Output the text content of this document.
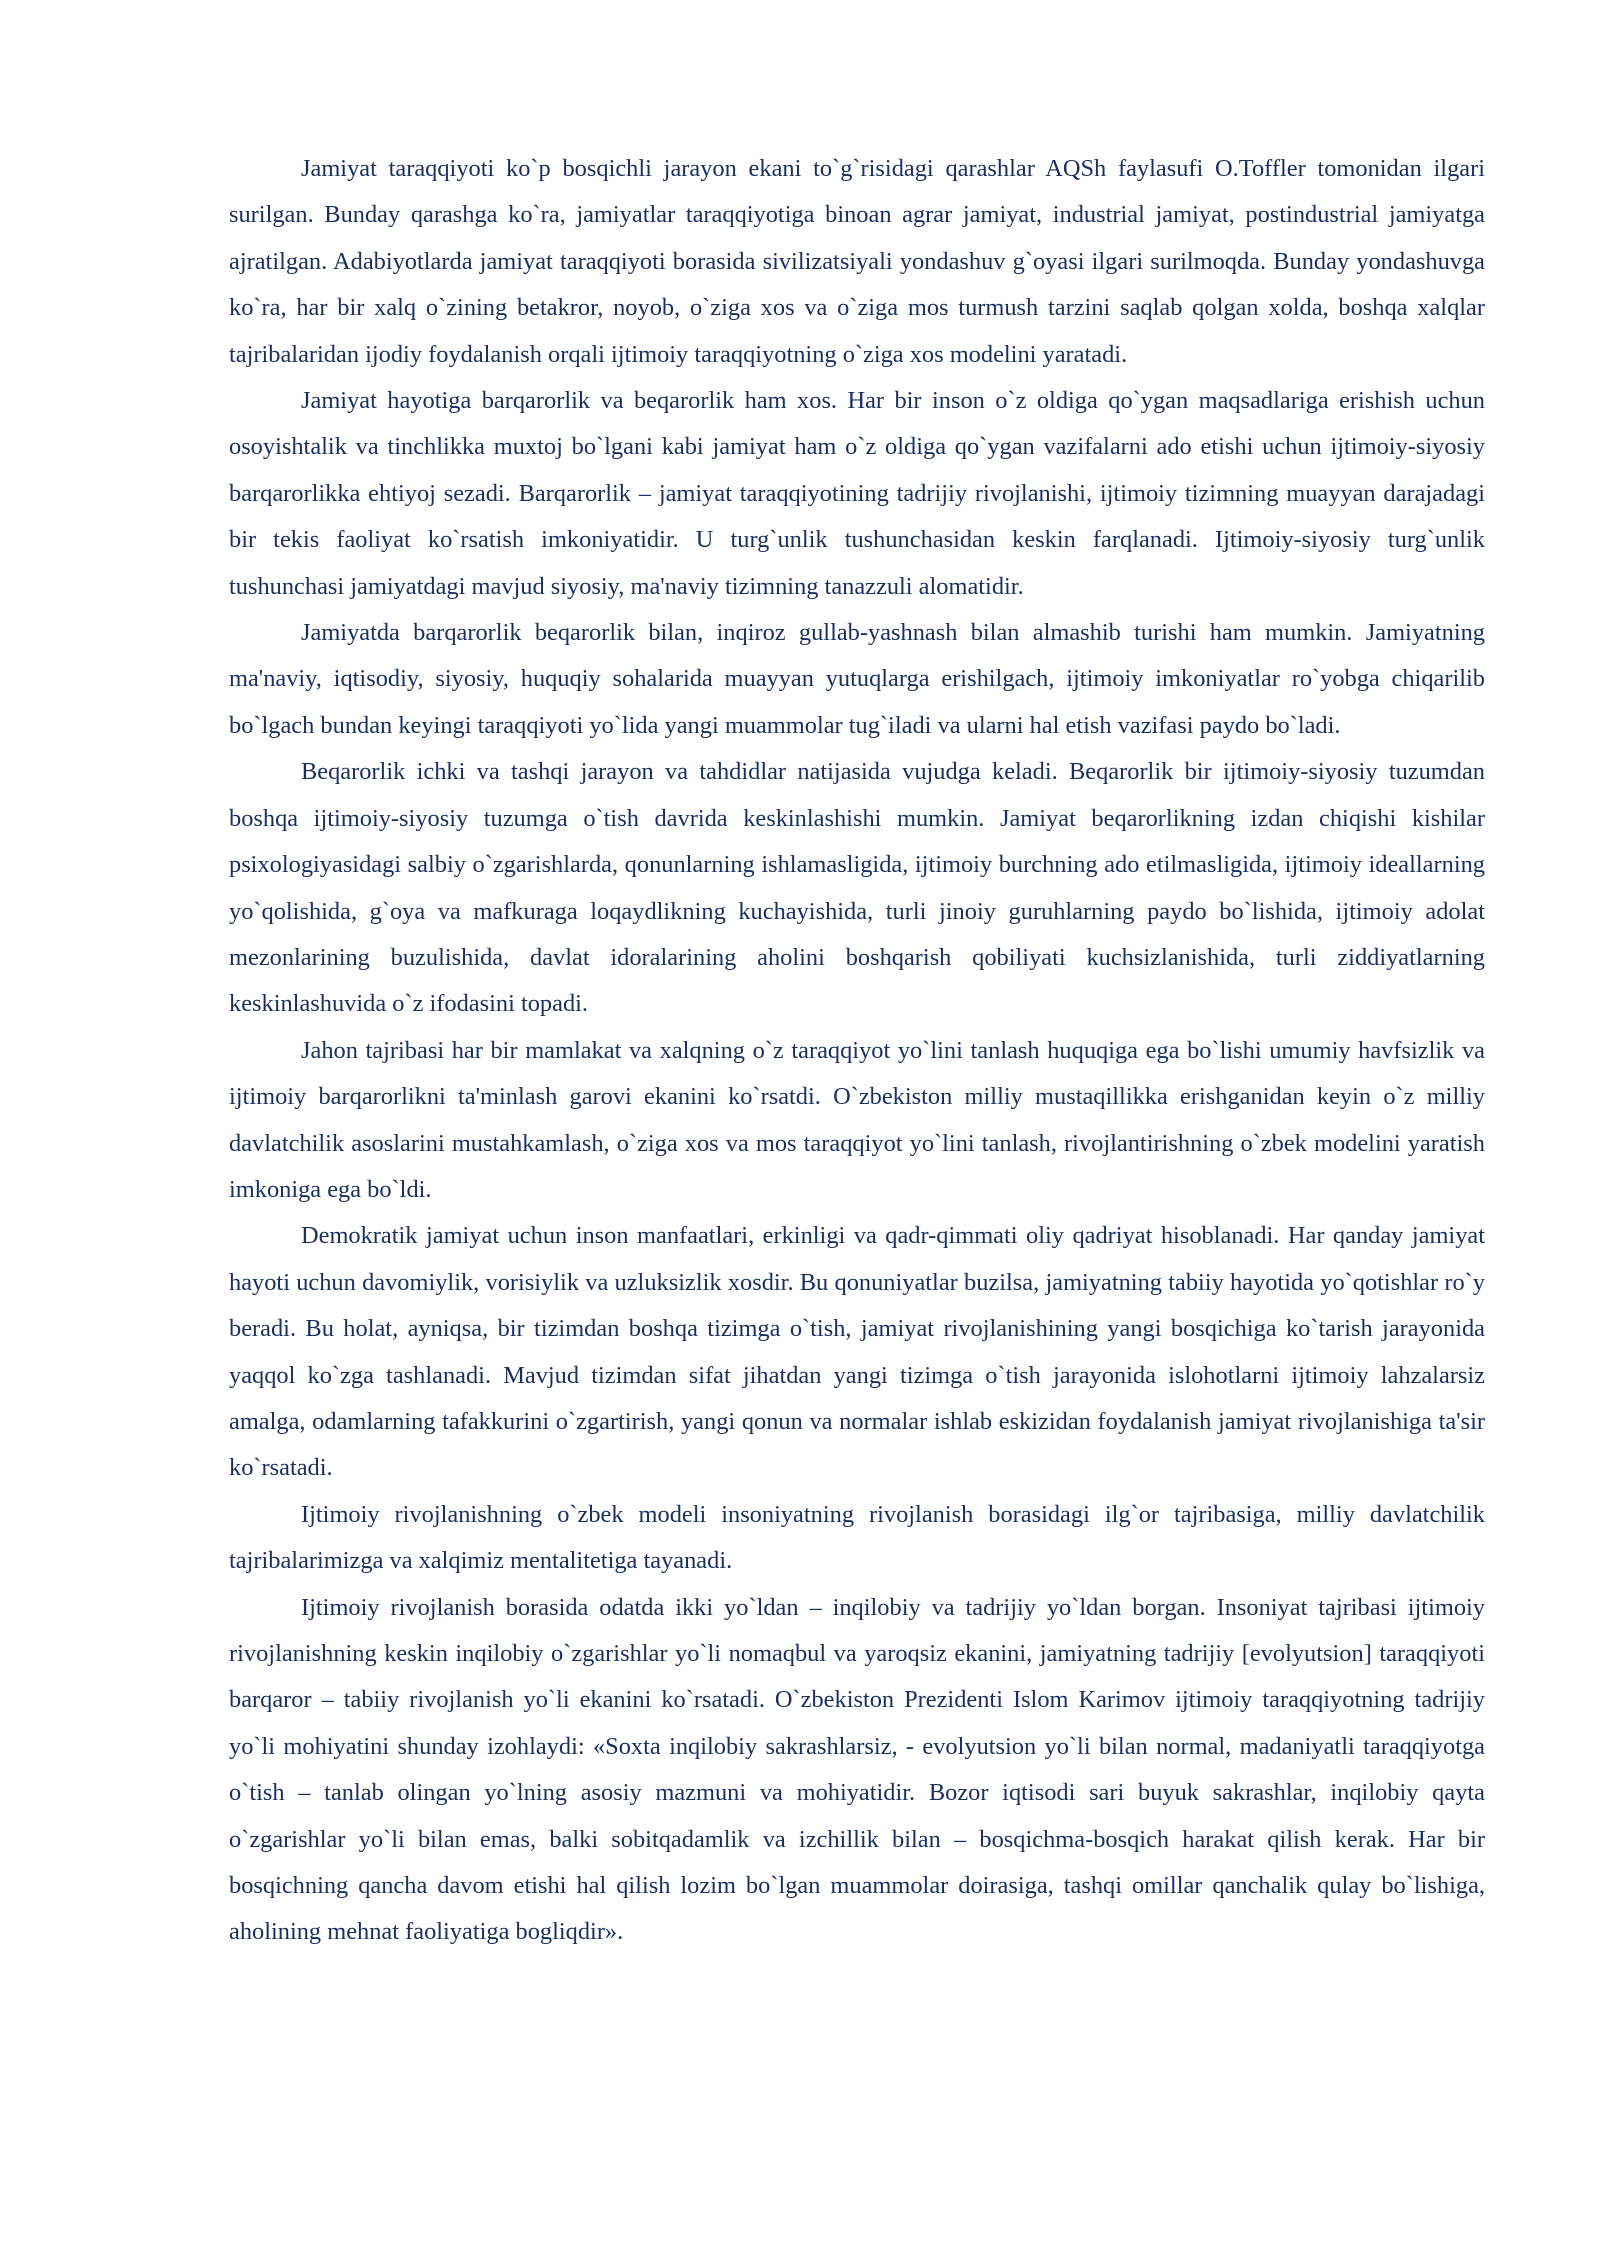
Jamiyat taraqqiyoti ko`p bosqichli jarayon ekani to`g`risidagi qarashlar AQSh faylasufi O.Toffler tomonidan ilgari surilgan. Bunday qarashga ko`ra, jamiyatlar taraqqiyotiga binoan agrar jamiyat, industrial jamiyat, postindustrial jamiyatga ajratilgan. Adabiyotlarda jamiyat taraqqiyoti borasida sivilizatsiyali yondashuv g`oyasi ilgari surilmoqda. Bunday yondashuvga ko`ra, har bir xalq o`zining betakror, noyob, o`ziga xos va o`ziga mos turmush tarzini saqlab qolgan xolda, boshqa xalqlar tajribalaridan ijodiy foydalanish orqali ijtimoiy taraqqiyotning o`ziga xos modelini yaratadi.

Jamiyat hayotiga barqarorlik va beqarorlik ham xos. Har bir inson o`z oldiga qo`ygan maqsadlariga erishish uchun osoyishtalik va tinchlikka muxtoj bo`lgani kabi jamiyat ham o`z oldiga qo`ygan vazifalarni ado etishi uchun ijtimoiy-siyosiy barqarorlikka ehtiyoj sezadi. Barqarorlik – jamiyat taraqqiyotining tadrijiy rivojlanishi, ijtimoiy tizimning muayyan darajadagi bir tekis faoliyat ko`rsatish imkoniyatidir. U turg`unlik tushunchasidan keskin farqlanadi. Ijtimoiy-siyosiy turg`unlik tushunchasi jamiyatdagi mavjud siyosiy, ma'naviy tizimning tanazzuli alomatidir.

Jamiyatda barqarorlik beqarorlik bilan, inqiroz gullab-yashnash bilan almashib turishi ham mumkin. Jamiyatning ma'naviy, iqtisodiy, siyosiy, huquqiy sohalarida muayyan yutuqlarga erishilgach, ijtimoiy imkoniyatlar ro`yobga chiqarilib bo`lgach bundan keyingi taraqqiyoti yo`lida yangi muammolar tug`iladi va ularni hal etish vazifasi paydo bo`ladi.

Beqarorlik ichki va tashqi jarayon va tahdidlar natijasida vujudga keladi. Beqarorlik bir ijtimoiy-siyosiy tuzumdan boshqa ijtimoiy-siyosiy tuzumga o`tish davrida keskinlashishi mumkin. Jamiyat beqarorlikning izdan chiqishi kishilar psixologiyasidagi salbiy o`zgarishlarda, qonunlarning ishlamasligida, ijtimoiy burchning ado etilmasligida, ijtimoiy ideallarning yo`qolishida, g`oya va mafkuraga loqaydlikning kuchayishida, turli jinoiy guruhlarning paydo bo`lishida, ijtimoiy adolat mezonlarining buzulishida, davlat idoralarining aholini boshqarish qobiliyati kuchsizlanishida, turli ziddiyatlarning keskinlashuvida o`z ifodasini topadi.

Jahon tajribasi har bir mamlakat va xalqning o`z taraqqiyot yo`lini tanlash huquqiga ega bo`lishi umumiy havfsizlik va ijtimoiy barqarorlikni ta'minlash garovi ekanini ko`rsatdi. O`zbekiston milliy mustaqillikka erishganidan keyin o`z milliy davlatchilik asoslarini mustahkamlash, o`ziga xos va mos taraqqiyot yo`lini tanlash, rivojlantirishning o`zbek modelini yaratish imkoniga ega bo`ldi.

Demokratik jamiyat uchun inson manfaatlari, erkinligi va qadr-qimmati oliy qadriyat hisoblanadi. Har qanday jamiyat hayoti uchun davomiylik, vorisiylik va uzluksizlik xosdir. Bu qonuniyatlar buzilsa, jamiyatning tabiiy hayotida yo`qotishlar ro`y beradi. Bu holat, ayniqsa, bir tizimdan boshqa tizimga o`tish, jamiyat rivojlanishining yangi bosqichiga ko`tarish jarayonida yaqqol ko`zga tashlanadi. Mavjud tizimdan sifat jihatdan yangi tizimga o`tish jarayonida islohotlarni ijtimoiy lahzalarsiz amalga, odamlarning tafakkurini o`zgartirish, yangi qonun va normalar ishlab eskizidan foydalanish jamiyat rivojlanishiga ta'sir ko`rsatadi.

Ijtimoiy rivojlanishning o`zbek modeli insoniyatning rivojlanish borasidagi ilg`or tajribasiga, milliy davlatchilik tajribalarimizga va xalqimiz mentalitetiga tayanadi.

Ijtimoiy rivojlanish borasida odatda ikki yo`ldan – inqilobiy va tadrijiy yo`ldan borgan. Insoniyat tajribasi ijtimoiy rivojlanishning keskin inqilobiy o`zgarishlar yo`li nomaqbul va yaroqsiz ekanini, jamiyatning tadrijiy [evolyutsion] taraqqiyoti barqaror – tabiiy rivojlanish yo`li ekanini ko`rsatadi. O`zbekiston Prezidenti Islom Karimov ijtimoiy taraqqiyotning tadrijiy yo`li mohiyatini shunday izohlaydi: «Soxta inqilobiy sakrashlarsiz, - evolyutsion yo`li bilan normal, madaniyatli taraqqiyotga o`tish – tanlab olingan yo`lning asosiy mazmuni va mohiyatidir. Bozor iqtisodi sari buyuk sakrashlar, inqilobiy qayta o`zgarishlar yo`li bilan emas, balki sobitqadamlik va izchillik bilan – bosqichma-bosqich harakat qilish kerak. Har bir bosqichning qancha davom etishi hal qilish lozim bo`lgan muammolar doirasiga, tashqi omillar qanchalik qulay bo`lishiga, aholining mehnat faoliyatiga bogliqdir».
